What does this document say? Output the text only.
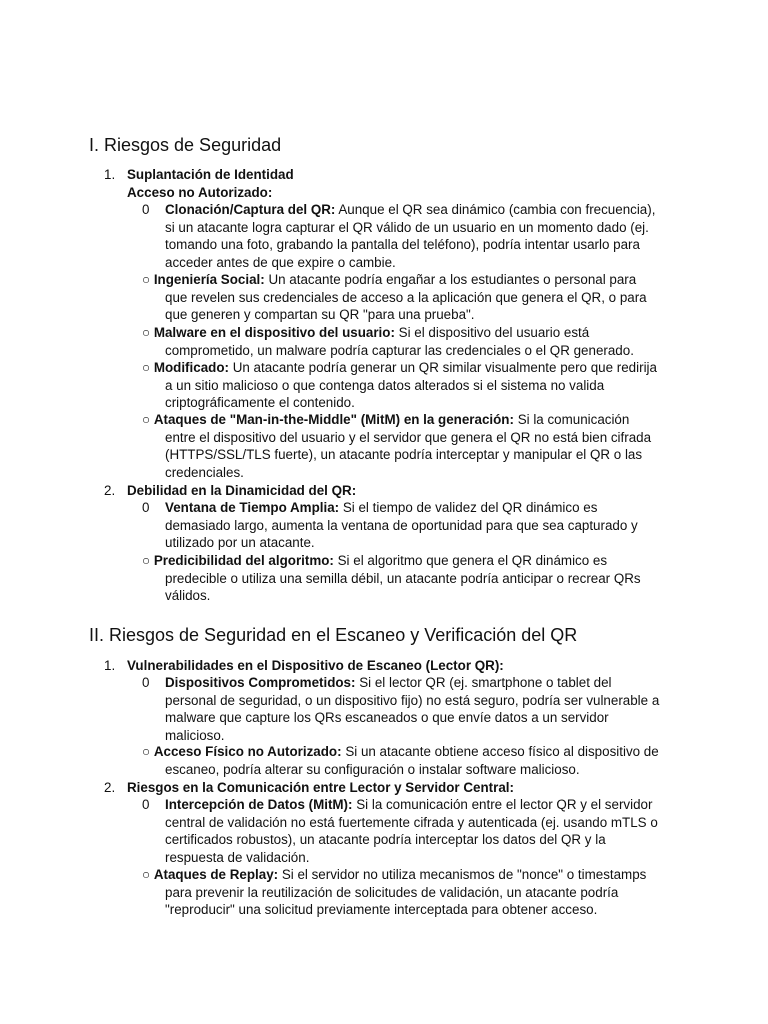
I. Riesgos de Seguridad
1. Suplantación de Identidad
Acceso no Autorizado:
0 Clonación/Captura del QR: Aunque el QR sea dinámico (cambia con frecuencia),
si un atacante logra capturar el QR válido de un usuario en un momento dado (ej.
tomando una foto, grabando la pantalla del teléfono), podría intentar usarlo para
acceder antes de que expire o cambie.
○ Ingeniería Social: Un atacante podría engañar a los estudiantes o personal para
que revelen sus credenciales de acceso a la aplicación que genera el QR, o para
que generen y compartan su QR "para una prueba".
○ Malware en el dispositivo del usuario: Si el dispositivo del usuario está
comprometido, un malware podría capturar las credenciales o el QR generado.
○ Modificado: Un atacante podría generar un QR similar visualmente pero que redirija
a un sitio malicioso o que contenga datos alterados si el sistema no valida
criptográficamente el contenido.
○ Ataques de "Man-in-the-Middle" (MitM) en la generación: Si la comunicación
entre el dispositivo del usuario y el servidor que genera el QR no está bien cifrada
(HTTPS/SSL/TLS fuerte), un atacante podría interceptar y manipular el QR o las
credenciales.
2. Debilidad en la Dinamicidad del QR:
0 Ventana de Tiempo Amplia: Si el tiempo de validez del QR dinámico es
demasiado largo, aumenta la ventana de oportunidad para que sea capturado y
utilizado por un atacante.
○ Predicibilidad del algoritmo: Si el algoritmo que genera el QR dinámico es
predecible o utiliza una semilla débil, un atacante podría anticipar o recrear QRs
válidos.
II. Riesgos de Seguridad en el Escaneo y Verificación del QR
1. Vulnerabilidades en el Dispositivo de Escaneo (Lector QR):
0 Dispositivos Comprometidos: Si el lector QR (ej. smartphone o tablet del
personal de seguridad, o un dispositivo fijo) no está seguro, podría ser vulnerable a
malware que capture los QRs escaneados o que envíe datos a un servidor
malicioso.
○ Acceso Físico no Autorizado: Si un atacante obtiene acceso físico al dispositivo de
escaneo, podría alterar su configuración o instalar software malicioso.
2. Riesgos en la Comunicación entre Lector y Servidor Central:
0 Intercepción de Datos (MitM): Si la comunicación entre el lector QR y el servidor
central de validación no está fuertemente cifrada y autenticada (ej. usando mTLS o
certificados robustos), un atacante podría interceptar los datos del QR y la
respuesta de validación.
○ Ataques de Replay: Si el servidor no utiliza mecanismos de "nonce" o timestamps
para prevenir la reutilización de solicitudes de validación, un atacante podría
"reproducir" una solicitud previamente interceptada para obtener acceso.
